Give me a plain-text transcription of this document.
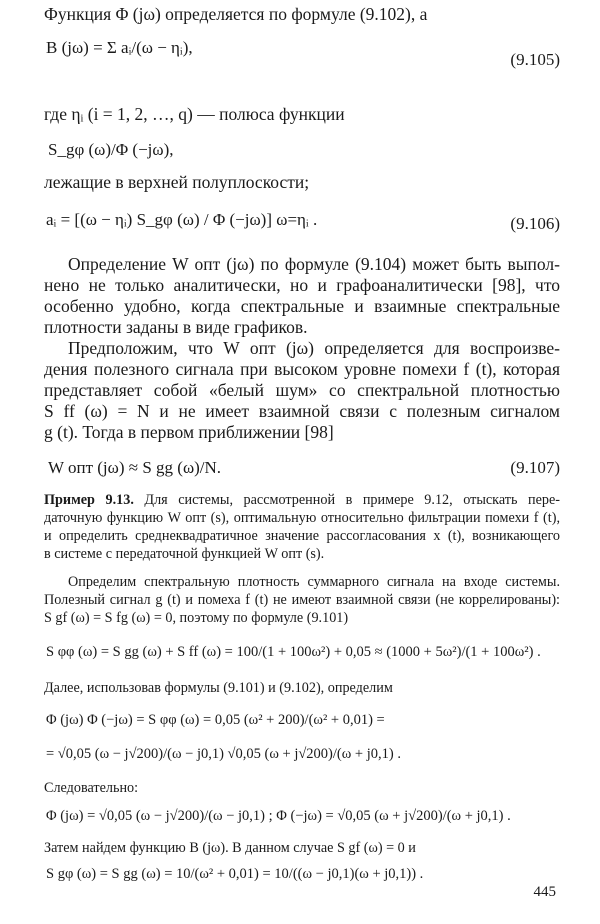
Функция Φ (jω) определяется по формуле (9.102), а
B (jω) = Σ aᵢ/(ω − ηᵢ),
(9.105)
где ηᵢ (i = 1, 2, …, q) — полюса функции
S_gφ (ω)/Φ (−jω),
лежащие в верхней полуплоскости;
aᵢ = [(ω − ηᵢ) S_gφ (ω) / Φ (−jω)] ω=ηᵢ .	(9.106)
Определение W опт (jω) по формуле (9.104) может быть выпол-
нено не только аналитически, но и графоаналитически [98], что
особенно удобно, когда спектральные и взаимные спектральные
плотности заданы в виде графиков.
Предположим, что W опт (jω) определяется для воспроизве-
дения полезного сигнала при высоком уровне помехи f (t), которая
представляет собой «белый шум» со спектральной плотностью
S ff (ω) = N и не имеет взаимной связи с полезным сигналом
g (t). Тогда в первом приближении [98]
W опт (jω) ≈ S gg (ω)/N.	(9.107)
Пример 9.13. Для системы, рассмотренной в примере 9.12, отыскать пере-
даточную функцию W опт (s), оптимальную относительно фильтрации помехи f (t),
и определить среднеквадратичное значение рассогласования x (t), возникающего
в системе с передаточной функцией W опт (s).
Определим спектральную плотность суммарного сигнала на входе системы.
Полезный сигнал g (t) и помеха f (t) не имеют взаимной связи (не коррелированы):
S gf (ω) = S fg (ω) = 0, поэтому по формуле (9.101)
S φφ (ω) = S gg (ω) + S ff (ω) = 100/(1 + 100ω²) + 0,05 ≈ (1000 + 5ω²)/(1 + 100ω²) .
Далее, использовав формулы (9.101) и (9.102), определим
Φ (jω) Φ (−jω) = S φφ (ω) = 0,05 (ω² + 200)/(ω² + 0,01) =
= √0,05 (ω − j√200)/(ω − j0,1) √0,05 (ω + j√200)/(ω + j0,1) .
Следовательно:
Φ (jω) = √0,05 (ω − j√200)/(ω − j0,1) ; Φ (−jω) = √0,05 (ω + j√200)/(ω + j0,1) .
Затем найдем функцию B (jω). В данном случае S gf (ω) = 0 и
S gφ (ω) = S gg (ω) = 10/(ω² + 0,01) = 10/((ω − j0,1)(ω + j0,1)) .
445
